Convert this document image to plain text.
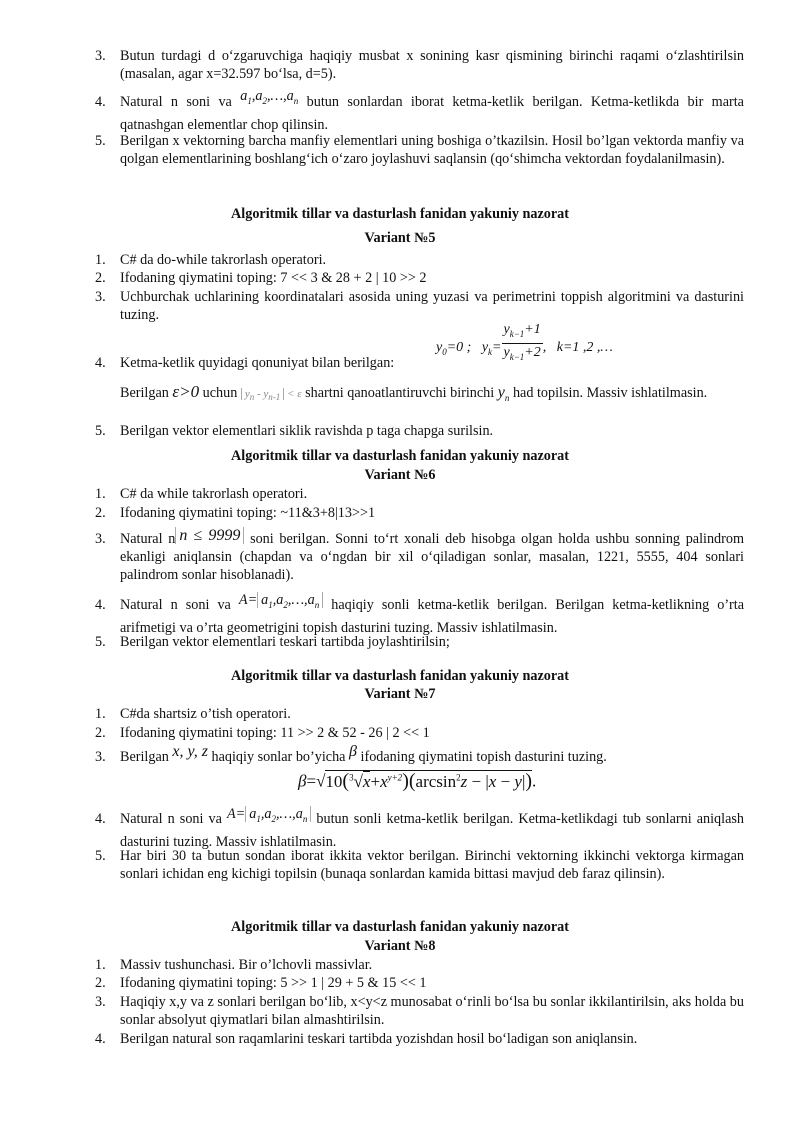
3. Butun turdagi d o‘zgaruvchiga haqiqiy musbat x sonining kasr qismining birinchi raqami o‘zlashtirilsin (masalan, agar x=32.597 bo‘lsa, d=5).
4. Natural n soni va $a_1,a_2,\dots,a_n$ butun sonlardan iborat ketma-ketlik berilgan. Ketma-ketlikda bir marta qatnashgan elementlar chop qilinsin.
5. Berilgan x vektorning barcha manfiy elementlari uning boshiga o’tkazilsin. Hosil bo’lgan vektorda manfiy va qolgan elementlarining boshlang‘ich o‘zaro joylashuvi saqlansin (qo‘shimcha vektordan foydalanilmasin).
Algoritmik tillar va dasturlash fanidan yakuniy nazorat
Variant №5
1. C# da do-while takrorlash operatori.
2. Ifodaning qiymatini toping: 7 << 3 & 28 + 2 | 10 >> 2
3. Uchburchak uchlarining koordinatalari asosida uning yuzasi va perimetrini toppish algoritmini va dasturini tuzing.
$y_0=0$ ;   $y_k= \frac{y_{k-1}+1}{y_{k-1}+2}$ ,   k=1 ,2 ,…
4. Ketma-ketlik quyidagi qonuniyat bilan berilgan:
Berilgan ε>0 uchun $y_n - y_{n-1} < \varepsilon$ shartni qanoatlantiruvchi birinchi $y_n$ had topilsin. Massiv ishlatilmasin.
5. Berilgan vektor elementlari siklik ravishda p taga chapga surilsin.
Algoritmik tillar va dasturlash fanidan yakuniy nazorat
Variant №6
1. C# da while takrorlash operatori.
2. Ifodaning qiymatini toping: ~11&3+8|13>>1
3. Natural n n ≤ 9999 soni berilgan. Sonni to‘rt xonali deb hisobga olgan holda ushbu sonning palindrom ekanligi aniqlansin (chapdan va o‘ngdan bir xil o‘qiladigan sonlar, masalan, 1221, 5555, 404 sonlari palindrom sonlar hisoblanadi).
4. Natural n soni va $A= a_1,a_2,\dots,a_n$ haqiqiy sonli ketma-ketlik berilgan. Berilgan ketma-ketlikning o’rta arifmetigi va o’rta geometrigini topish dasturini tuzing. Massiv ishlatilmasin.
5. Berilgan vektor elementlari teskari tartibda joylashtirilsin;
Algoritmik tillar va dasturlash fanidan yakuniy nazorat
Variant №7
1. C#da shartsiz o’tish operatori.
2. Ifodaning qiymatini toping: 11 >> 2 & 52 - 26 | 2 << 1
3. Berilgan x, y, z haqiqiy sonlar bo’yicha β ifodaning qiymatini topish dasturini tuzing.
$\beta=√10(^3√x+x^{y+2})(\arcsin^2z - |x - y|)$.
4. Natural n soni va $A= a_1,a_2,\dots,a_n$ butun sonli ketma-ketlik berilgan. Ketma-ketlikdagi tub sonlarni aniqlash dasturini tuzing. Massiv ishlatilmasin.
5. Har biri 30 ta butun sondan iborat ikkita vektor berilgan. Birinchi vektorning ikkinchi vektorga kirmagan sonlari ichidan eng kichigi topilsin (bunaqa sonlardan kamida bittasi mavjud deb faraz qilinsin).
Algoritmik tillar va dasturlash fanidan yakuniy nazorat
Variant №8
1. Massiv tushunchasi. Bir o’lchovli massivlar.
2. Ifodaning qiymatini toping: 5 >> 1 | 29 + 5 & 15 << 1
3. Haqiqiy x,y va z sonlari berilgan bo‘lib, x<y<z munosabat o‘rinli bo‘lsa bu sonlar ikkilantirilsin, aks holda bu sonlar absolyut qiymatlari bilan almashtirilsin.
4. Berilgan natural son raqamlarini teskari tartibda yozishdan hosil bo‘ladigan son aniqlansin.
